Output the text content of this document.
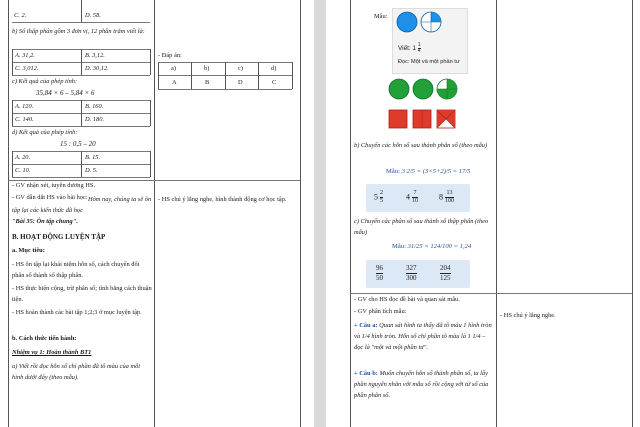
C. 2.	D. 58.
b) Số thập phân gồm 3 đơn vị, 12 phần trăm viết là:
A. 31,2.	B. 3,12.
C. 3,012.	D. 30,12.
c) Kết quả của phép tính:
35,84 × 6 – 5,84 × 6
A. 120.	B. 160.
C. 140.	D. 180.
d) Kết quả của phép tính:
15 : 0,5 – 20
A. 20.	B. 15.
C. 10.	D. 5.
- Đáp án:
a)	b)	c)	d)
A	B	D	C
- GV nhận xét, tuyên dương HS.
- GV dẫn dắt HS vào bài học: Hôm nay, chúng ta sẽ ôn tập lại các kiến thức đã học
"Bài 35: Ôn tập chung".
- HS chú ý lắng nghe, hình thành động cơ học tập.
B. HOẠT ĐỘNG LUYỆN TẬP
a. Mục tiêu:
- HS ôn tập lại khái niệm hỗn số, cách chuyển đổi phân số thành số thập phân.
- HS thực hiện cộng, trừ phân số; tính bằng cách thuận tiện.
- HS hoàn thành các bài tập 1;2;3 ở mục luyện tập.
b. Cách thức tiến hành:
Nhiệm vụ 1: Hoàn thành BT1
a) Viết rồi đọc hỗn số chỉ phần đã tô màu của mỗi hình dưới đây (theo mẫu).
Mẫu:
Viết: $1 \frac{1}{4}$
Đọc: Một và một phần tư
b) Chuyển các hỗn số sau thành phân số (theo mẫu)
Mẫu: 3 2/5 = (3×5+2)/5 = 17/5
$5 \frac{2}{5}$	$4 \frac{7}{10}$	$8 \frac{13}{100}$
c) Chuyển các phân số sau thành số thập phân (theo mẫu)
Mẫu: 31/25 = 124/100 = 1,24
$\frac{96}{50}$	$\frac{327}{300}$	$\frac{204}{125}$
- GV cho HS đọc đề bài và quan sát mẫu.
- GV phân tích mẫu:
- HS chú ý lắng nghe.
+ Câu a: Quan sát hình ta thấy đã tô màu 1 hình tròn và 1/4 hình tròn. Hỗn số chỉ phần tô màu là 1 1/4 – đọc là "một và một phần tư".
+ Câu b: Muốn chuyển hỗn số thành phân số, ta lấy phần nguyên nhân với mẫu số rồi cộng với tử số của phần phân số.
